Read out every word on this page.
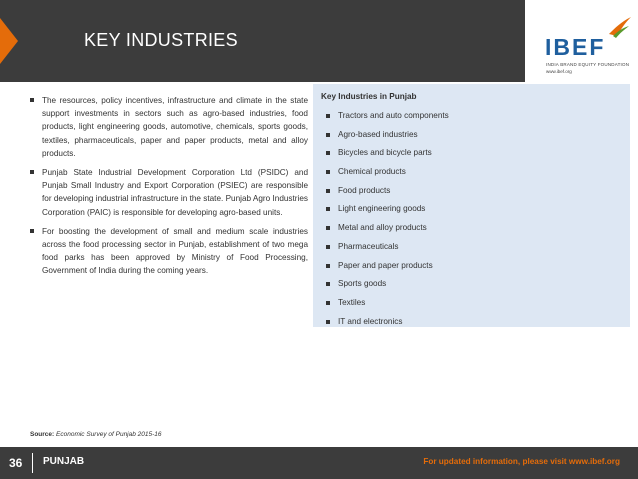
KEY INDUSTRIES	IBEF
INDIA BRAND EQUITY FOUNDATION
www.ibef.org
The resources, policy incentives, infrastructure and climate in the state support investments in sectors such as agro-based industries, food products, light engineering goods, automotive, chemicals, sports goods, textiles, pharmaceuticals, paper and paper products, metal and alloy products.
Punjab State Industrial Development Corporation Ltd (PSIDC) and Punjab Small Industry and Export Corporation (PSIEC) are responsible for developing industrial infrastructure in the state. Punjab Agro Industries Corporation (PAIC) is responsible for developing agro-based units.
For boosting the development of small and medium scale industries across the food processing sector in Punjab, establishment of two mega food parks has been approved by Ministry of Food Processing, Government of India during the coming years.
Key Industries in Punjab
Tractors and auto components
Agro-based industries
Bicycles and bicycle parts
Chemical products
Food products
Light engineering goods
Metal and alloy products
Pharmaceuticals
Paper and paper products
Sports goods
Textiles
IT and electronics
Source: Economic Survey of Punjab 2015-16
36 PUNJAB	For updated information, please visit www.ibef.org
